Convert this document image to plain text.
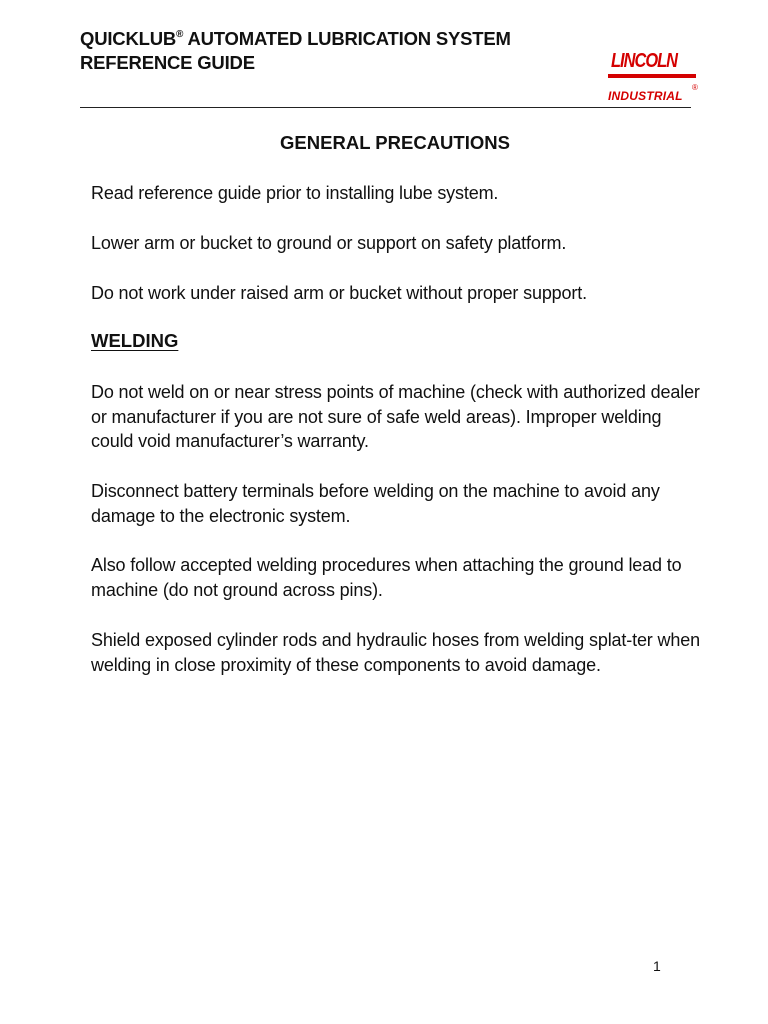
QUICKLUB® AUTOMATED LUBRICATION SYSTEM
REFERENCE GUIDE	LINCOLN
®
INDUSTRIAL
GENERAL PRECAUTIONS
Read reference guide prior to installing lube system.
Lower arm or bucket to ground or support on safety platform.
Do not work under raised arm or bucket without proper support.
WELDING
Do not weld on or near stress points of machine (check with authorized dealer or manufacturer if you are not sure of safe weld areas). Improper welding could void manufacturer’s warranty.
Disconnect battery terminals before welding on the machine to avoid any damage to the electronic system.
Also follow accepted welding procedures when attaching the ground lead to machine (do not ground across pins).
Shield exposed cylinder rods and hydraulic hoses from welding splat-ter when welding in close proximity of these components to avoid damage.
1
